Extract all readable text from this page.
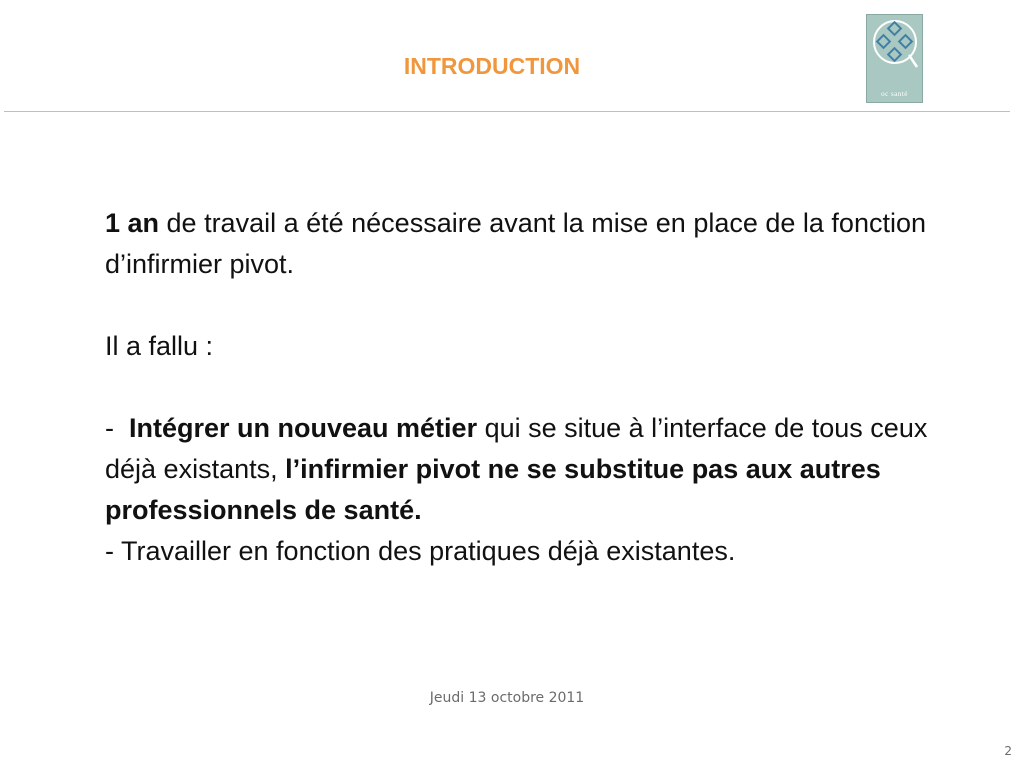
INTRODUCTION
oc santé

1 an de travail a été nécessaire avant la mise en place de la fonction d’infirmier pivot.

Il a fallu :

-  Intégrer un nouveau métier qui se situe à l’interface de tous ceux déjà existants, l’infirmier pivot ne se substitue pas aux autres professionnels de santé.

- Travailler en fonction des pratiques déjà existantes.

Jeudi 13 octobre 2011
2
